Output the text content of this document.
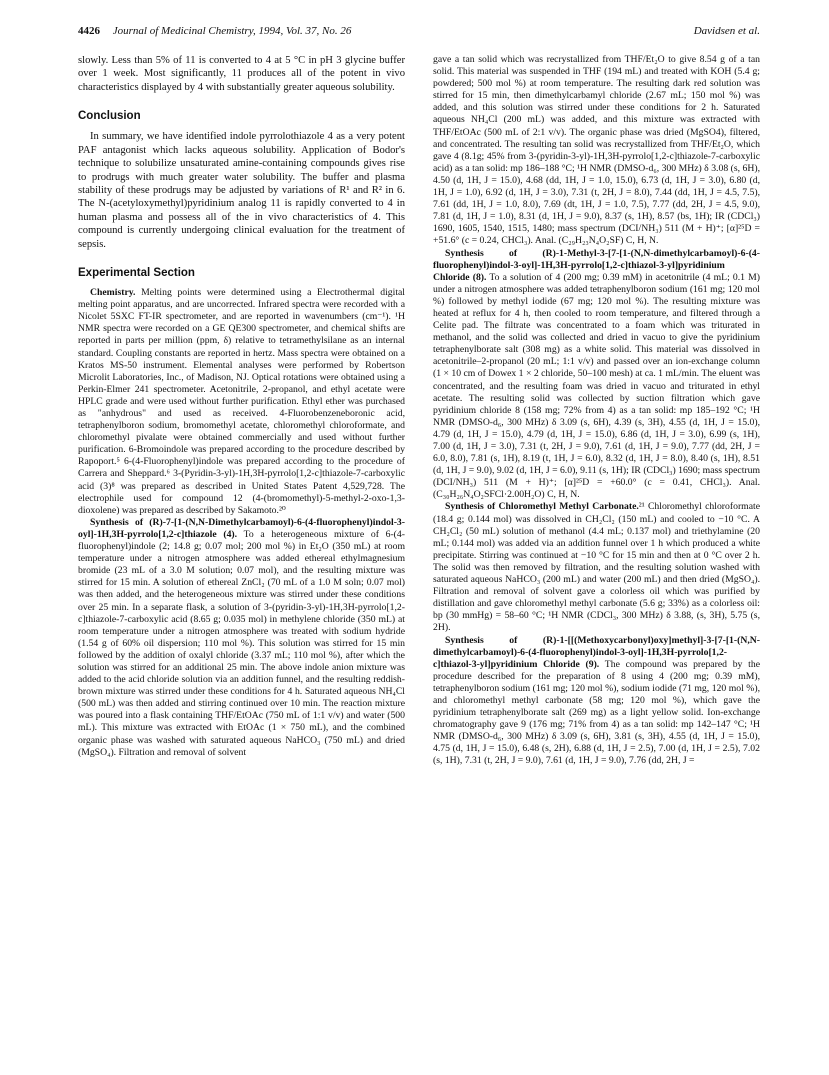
4426 Journal of Medicinal Chemistry, 1994, Vol. 37, No. 26	Davidsen et al.

slowly. Less than 5% of 11 is converted to 4 at 5 °C in pH 3 glycine buffer over 1 week. Most significantly, 11 produces all of the potent in vivo characteristics displayed by 4 with substantially greater aqueous solubility.

Conclusion

In summary, we have identified indole pyrrolothiazole 4 as a very potent PAF antagonist which lacks aqueous solubility. Application of Bodor's technique to solubilize unsaturated amine-containing compounds gives rise to prodrugs with much greater water solubility. The buffer and plasma stability of these prodrugs may be adjusted by variations of R¹ and R² in 6. The N-(acetyloxymethyl)pyridinium analog 11 is rapidly converted to 4 in human plasma and possess all of the in vivo characteristics of 4. This compound is currently undergoing clinical evaluation for the treatment of sepsis.

Experimental Section

Chemistry. Melting points were determined using a Electrothermal digital melting point apparatus, and are uncorrected. Infrared spectra were recorded with a Nicolet 5SXC FT-IR spectrometer, and are reported in wavenumbers (cm⁻¹). ¹H NMR spectra were recorded on a GE QE300 spectrometer, and chemical shifts are reported in parts per million (ppm, δ) relative to tetramethylsilane as an internal standard. Coupling constants are reported in hertz. Mass spectra were obtained on a Kratos MS-50 instrument. Elemental analyses were performed by Robertson Microlit Laboratories, Inc., of Madison, NJ. Optical rotations were obtained using a Perkin-Elmer 241 spectrometer. Acetonitrile, 2-propanol, and ethyl acetate were HPLC grade and were used without further purification. Ethyl ether was purchased as "anhydrous" and used as received. 4-Fluorobenzeneboronic acid, tetraphenylboron sodium, bromomethyl acetate, chloromethyl chloroformate, and chloromethyl pivalate were obtained commercially and used without further purification. 6-Bromoindole was prepared according to the procedure described by Rapoport.⁵ 6-(4-Fluorophenyl)indole was prepared according to the procedure of Carrera and Sheppard.⁶ 3-(Pyridin-3-yl)-1H,3H-pyrrolo[1,2-c]thiazole-7-carboxylic acid (3)⁸ was prepared as described in United States Patent 4,529,728. The electrophile used for compound 12 (4-(bromomethyl)-5-methyl-2-oxo-1,3-dioxolene) was prepared as described by Sakamoto.²⁰

Synthesis of (R)-7-[1-(N,N-Dimethylcarbamoyl)-6-(4-fluorophenyl)indol-3-oyl]-1H,3H-pyrrolo[1,2-c]thiazole (4). To a heterogeneous mixture of 6-(4-fluorophenyl)indole (2; 14.8 g; 0.07 mol; 200 mol %) in Et₂O (350 mL) at room temperature under a nitrogen atmosphere was added ethereal ethylmagnesium bromide (23 mL of a 3.0 M solution; 0.07 mol), and the resulting mixture was stirred for 15 min. A solution of ethereal ZnCl₂ (70 mL of a 1.0 M soln; 0.07 mol) was then added, and the heterogeneous mixture was stirred under these conditions over 25 min. In a separate flask, a solution of 3-(pyridin-3-yl)-1H,3H-pyrrolo[1,2-c]thiazole-7-carboxylic acid (8.65 g; 0.035 mol) in methylene chloride (350 mL) at room temperature under a nitrogen atmosphere was treated with sodium hydride (1.54 g of 60% oil dispersion; 110 mol %). This solution was stirred for 15 min followed by the addition of oxalyl chloride (3.37 mL; 110 mol %), after which the solution was stirred for an additional 25 min. The above indole anion mixture was added to the acid chloride solution via an addition funnel, and the resulting reddish-brown mixture was stirred under these conditions for 4 h. Saturated aqueous NH₄Cl (500 mL) was then added and stirring continued over 10 min. The reaction mixture was poured into a flask containing THF/EtOAc (750 mL of 1:1 v/v) and water (500 mL). This mixture was extracted with EtOAc (1 × 750 mL), and the combined organic phase was washed with saturated aqueous NaHCO₃ (750 mL) and dried (MgSO₄). Filtration and removal of solvent

gave a tan solid which was recrystallized from THF/Et₂O to give 8.54 g of a tan solid. This material was suspended in THF (194 mL) and treated with KOH (5.4 g; powdered; 500 mol %) at room temperature. The resulting dark red solution was stirred for 15 min, then dimethylcarbamyl chloride (2.67 mL; 150 mol %) was added, and this solution was stirred under these conditions for 2 h. Saturated aqueous NH₄Cl (200 mL) was added, and this mixture was extracted with THF/EtOAc (500 mL of 2:1 v/v). The organic phase was dried (MgSO4), filtered, and concentrated. The resulting tan solid was recrystallized from THF/Et₂O, which gave 4 (8.1g; 45% from 3-(pyridin-3-yl)-1H,3H-pyrrolo[1,2-c]thiazole-7-carboxylic acid) as a tan solid: mp 186–188 °C; ¹H NMR (DMSO-d₆, 300 MHz) δ 3.08 (s, 6H), 4.50 (d, 1H, J = 15.0), 4.68 (dd, 1H, J = 1.0, 15.0), 6.73 (d, 1H, J = 3.0), 6.80 (d, 1H, J = 1.0), 6.92 (d, 1H, J = 3.0), 7.31 (t, 2H, J = 8.0), 7.44 (dd, 1H, J = 4.5, 7.5), 7.61 (dd, 1H, J = 1.0, 8.0), 7.69 (dt, 1H, J = 1.0, 7.5), 7.77 (dd, 2H, J = 4.5, 9.0), 7.81 (d, 1H, J = 1.0), 8.31 (d, 1H, J = 9.0), 8.37 (s, 1H), 8.57 (bs, 1H); IR (CDCl₃) 1690, 1605, 1540, 1515, 1480; mass spectrum (DCI/NH₃) 511 (M + H)⁺; [α]²⁵D = +51.6° (c = 0.24, CHCl₃). Anal. (C₂₉H₂₃N₄O₂SF) C, H, N.

Synthesis of (R)-1-Methyl-3-[7-[1-(N,N-dimethylcarbamoyl)-6-(4-fluorophenyl)indol-3-oyl]-1H,3H-pyrrolo[1,2-c]thiazol-3-yl]pyridinium Chloride (8). To a solution of 4 (200 mg; 0.39 mM) in acetonitrile (4 mL; 0.1 M) under a nitrogen atmosphere was added tetraphenylboron sodium (161 mg; 120 mol %) followed by methyl iodide (67 mg; 120 mol %). The resulting mixture was heated at reflux for 4 h, then cooled to room temperature, and filtered through a Celite pad. The filtrate was concentrated to a foam which was triturated in methanol, and the solid was collected and dried in vacuo to give the pyridinium tetraphenylborate salt (308 mg) as a white solid. This material was dissolved in acetonitrile–2-propanol (20 mL; 1:1 v/v) and passed over an ion-exchange column (1 × 10 cm of Dowex 1 × 2 chloride, 50–100 mesh) at ca. 1 mL/min. The eluent was concentrated, and the resulting foam was dried in vacuo and triturated in ethyl acetate. The resulting solid was collected by suction filtration which gave pyridinium chloride 8 (158 mg; 72% from 4) as a tan solid: mp 185–192 °C; ¹H NMR (DMSO-d₆, 300 MHz) δ 3.09 (s, 6H), 4.39 (s, 3H), 4.55 (d, 1H, J = 15.0), 4.79 (d, 1H, J = 15.0), 4.79 (d, 1H, J = 15.0), 6.86 (d, 1H, J = 3.0), 6.99 (s, 1H), 7.00 (d, 1H, J = 3.0), 7.31 (t, 2H, J = 9.0), 7.61 (d, 1H, J = 9.0), 7.77 (dd, 2H, J = 6.0, 8.0), 7.81 (s, 1H), 8.19 (t, 1H, J = 6.0), 8.32 (d, 1H, J = 8.0), 8.40 (s, 1H), 8.51 (d, 1H, J = 9.0), 9.02 (d, 1H, J = 6.0), 9.11 (s, 1H); IR (CDCl₃) 1690; mass spectrum (DCI/NH₃) 511 (M + H)⁺; [α]²⁵D = +60.0° (c = 0.41, CHCl₃). Anal. (C₃₀H₂₆N₄O₂SFCl·2.00H₂O) C, H, N.

Synthesis of Chloromethyl Methyl Carbonate.²¹ Chloromethyl chloroformate (18.4 g; 0.144 mol) was dissolved in CH₂Cl₂ (150 mL) and cooled to −10 °C. A CH₂Cl₂ (50 mL) solution of methanol (4.4 mL; 0.137 mol) and triethylamine (20 mL; 0.144 mol) was added via an addition funnel over 1 h which produced a white precipitate. Stirring was continued at −10 °C for 15 min and then at 0 °C over 2 h. The solid was then removed by filtration, and the resulting solution washed with saturated aqueous NaHCO₃ (200 mL) and water (200 mL) and then dried (MgSO₄). Filtration and removal of solvent gave a colorless oil which was purified by distillation and gave chloromethyl methyl carbonate (5.6 g; 33%) as a colorless oil: bp (30 mmHg) = 58–60 °C; ¹H NMR (CDCl₃, 300 MHz) δ 3.88, (s, 3H), 5.75 (s, 2H).

Synthesis of (R)-1-[[(Methoxycarbonyl)oxy]methyl]-3-[7-[1-(N,N-dimethylcarbamoyl)-6-(4-fluorophenyl)indol-3-oyl]-1H,3H-pyrrolo[1,2-c]thiazol-3-yl]pyridinium Chloride (9). The compound was prepared by the procedure described for the preparation of 8 using 4 (200 mg; 0.39 mM), tetraphenylboron sodium (161 mg; 120 mol %), sodium iodide (71 mg, 120 mol %), and chloromethyl methyl carbonate (58 mg; 120 mol %), which gave the pyridinium tetraphenylborate salt (269 mg) as a light yellow solid. Ion-exchange chromatography gave 9 (176 mg; 71% from 4) as a tan solid: mp 142–147 °C; ¹H NMR (DMSO-d₆, 300 MHz) δ 3.09 (s, 6H), 3.81 (s, 3H), 4.55 (d, 1H, J = 15.0), 4.75 (d, 1H, J = 15.0), 6.48 (s, 2H), 6.88 (d, 1H, J = 2.5), 7.00 (d, 1H, J = 2.5), 7.02 (s, 1H), 7.31 (t, 2H, J = 9.0), 7.61 (d, 1H, J = 9.0), 7.76 (dd, 2H, J =
